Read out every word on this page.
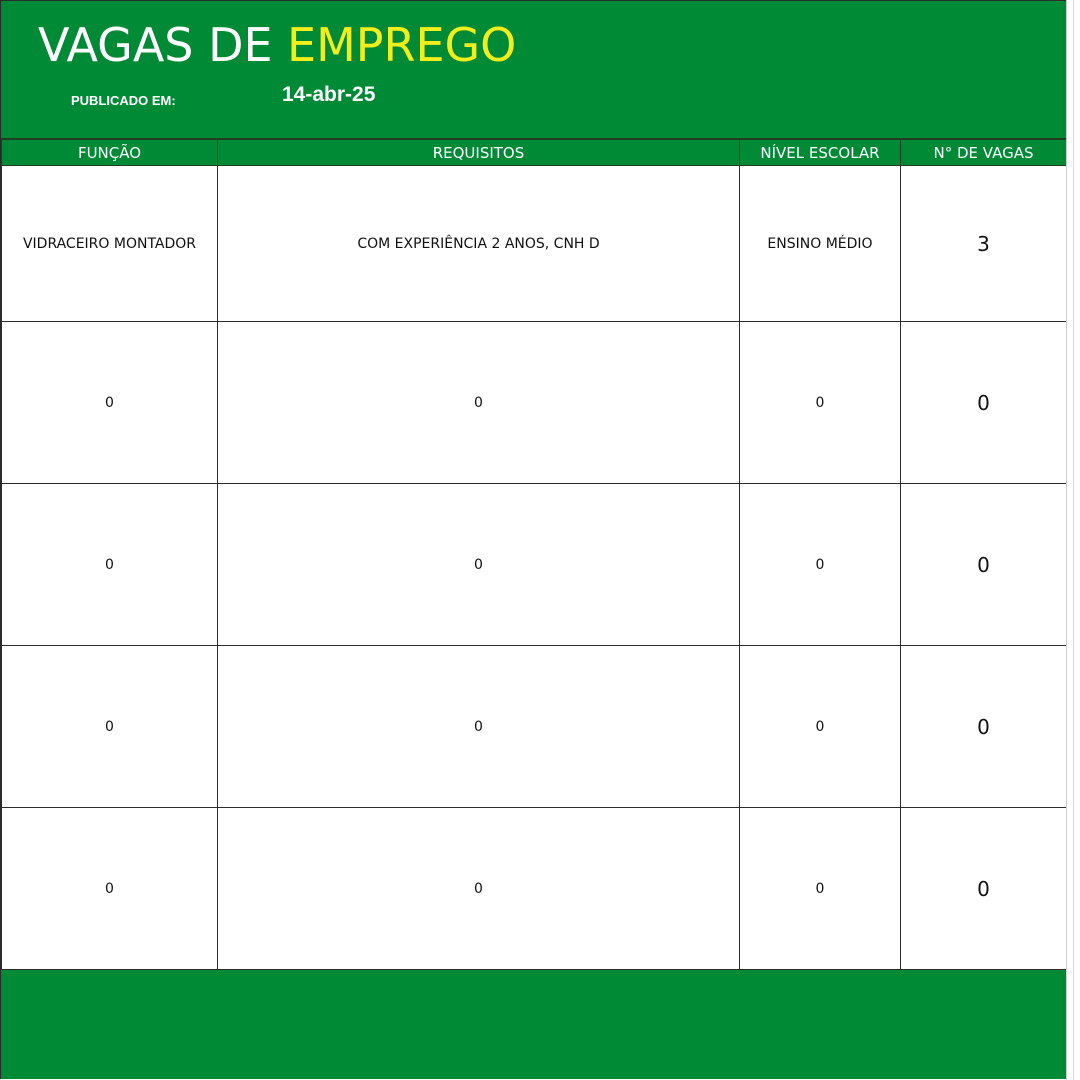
VAGAS DE EMPREGO
PUBLICADO EM:	14-abr-25
FUNÇÃO	REQUISITOS	NÍVEL ESCOLAR	N° DE VAGAS
VIDRACEIRO MONTADOR	COM EXPERIÊNCIA 2 ANOS, CNH D	ENSINO MÉDIO	3
0	0	0	0
0	0	0	0
0	0	0	0
0	0	0	0
